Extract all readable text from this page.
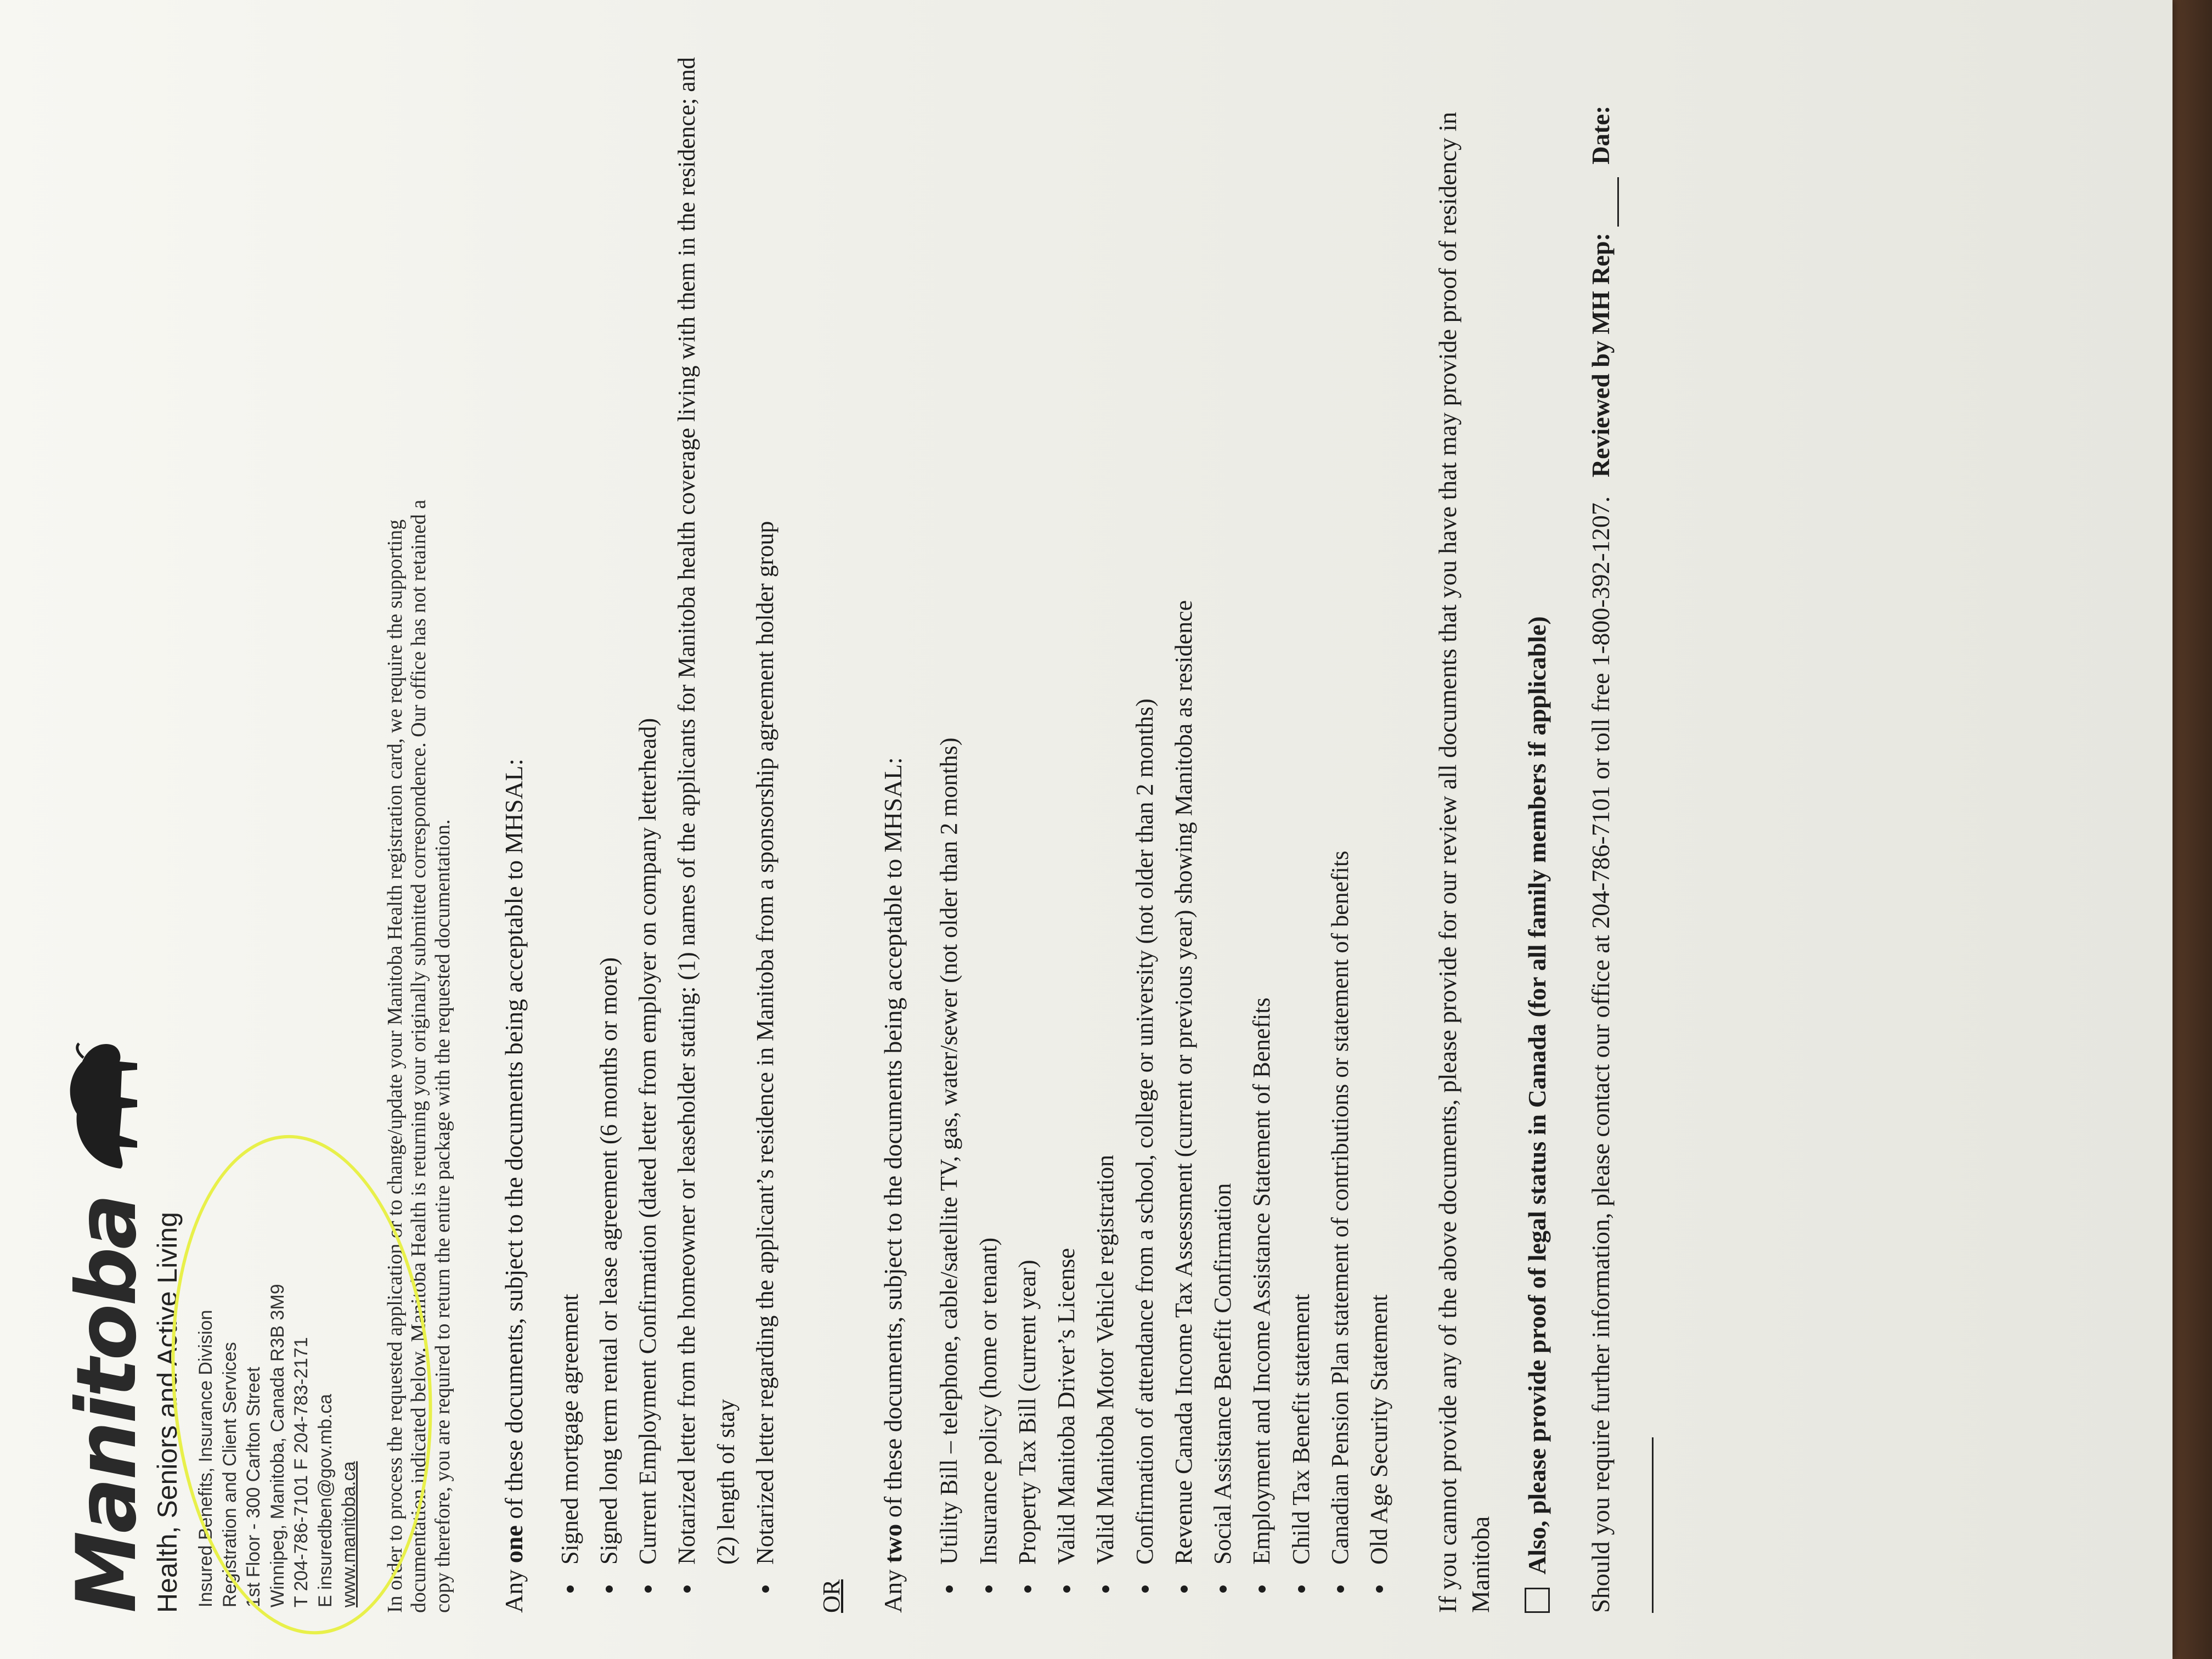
Manitoba
Health, Seniors and Active Living Insured Benefits, Insurance Division Registration and Client Services 1st Floor - 300 Carlton Street Winnipeg, Manitoba, Canada R3B 3M9 T 204-786-7101 F 204-783-2171 E insuredben@gov.mb.ca www.manitoba.ca In order to process the requested application or to change/update your Manitoba Health registration card, we require the supporting documentation indicated below. Manitoba Health is returning your originally submitted correspondence. Our office has not retained a copy therefore, you are required to return the entire package with the requested documentation. Any one of these documents, subject to the documents being acceptable to MHSAL: • Signed mortgage agreement • Signed long term rental or lease agreement (6 months or more) • Current Employment Confirmation (dated letter from employer on company letterhead) • Notarized letter from the homeowner or leaseholder stating: (1) names of the applicants for Manitoba health coverage living with them in the residence; and (2) length of stay • Notarized letter regarding the applicant’s residence in Manitoba from a sponsorship agreement holder group
OR Any two of these documents, subject to the documents being acceptable to MHSAL: • Utility Bill – telephone, cable/satellite TV, gas, water/sewer (not older than 2 months) • Insurance policy (home or tenant) • Property Tax Bill (current year) • Valid Manitoba Driver’s License • Valid Manitoba Motor Vehicle registration • Confirmation of attendance from a school, college or university (not older than 2 months) • Revenue Canada Income Tax Assessment (current or previous year) showing Manitoba as residence • Social Assistance Benefit Confirmation • Employment and Income Assistance Statement of Benefits • Child Tax Benefit statement • Canadian Pension Plan statement of contributions or statement of benefits • Old Age Security Statement If you cannot provide any of the above documents, please provide for our review all documents that you have that may provide proof of residency in Manitoba Also, please provide proof of legal status in Canada (for all family members if applicable) Should you require further information, please contact our office at 204-786-7101 or toll free 1-800-392-1207.   Reviewed by MH Rep:    Date:
